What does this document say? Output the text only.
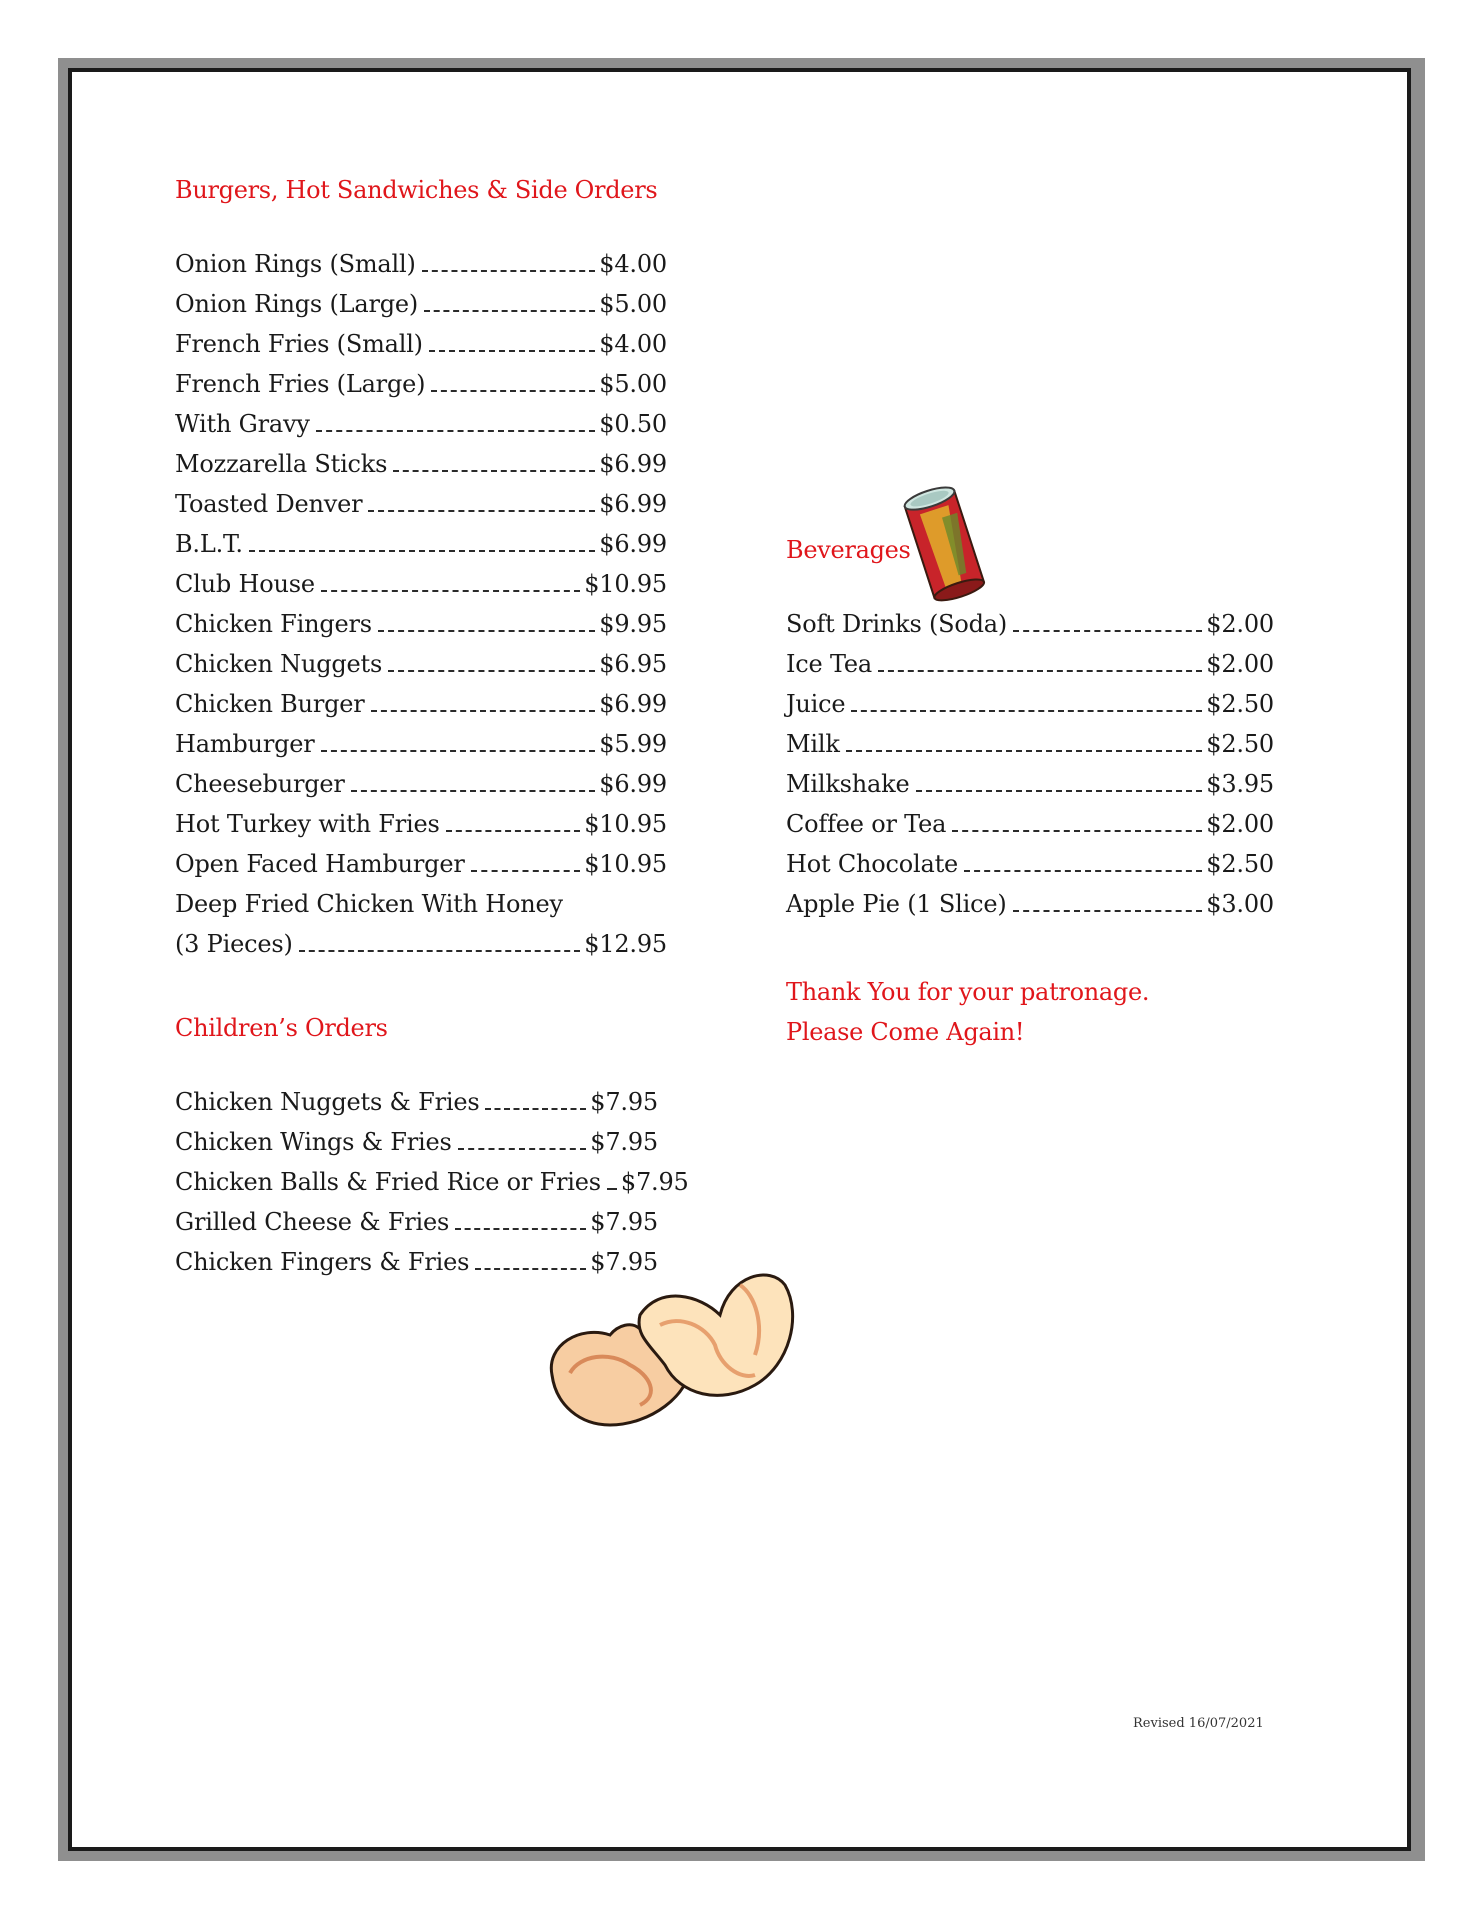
Burgers, Hot Sandwiches & Side Orders
Onion Rings (Small)	$4.00
Onion Rings (Large)	$5.00
French Fries (Small)	$4.00
French Fries (Large)	$5.00
With Gravy	$0.50
Mozzarella Sticks	$6.99
Toasted Denver	$6.99
B.L.T.	$6.99
Club House	$10.95
Chicken Fingers	$9.95
Chicken Nuggets	$6.95
Chicken Burger	$6.99
Hamburger	$5.99
Cheeseburger	$6.99
Hot Turkey with Fries	$10.95
Open Faced Hamburger	$10.95
Deep Fried Chicken With Honey
(3 Pieces)	$12.95
Children’s Orders
Chicken Nuggets & Fries	$7.95
Chicken Wings & Fries	$7.95
Chicken Balls & Fried Rice or Fries $7.95
Grilled Cheese & Fries	$7.95
Chicken Fingers & Fries	$7.95
Beverages
Soft Drinks (Soda)	$2.00
Ice Tea	$2.00
Juice	$2.50
Milk	$2.50
Milkshake	$3.95
Coffee or Tea	$2.00
Hot Chocolate	$2.50
Apple Pie (1 Slice)	$3.00
Thank You for your patronage.
Please Come Again!
Revised 16/07/2021
